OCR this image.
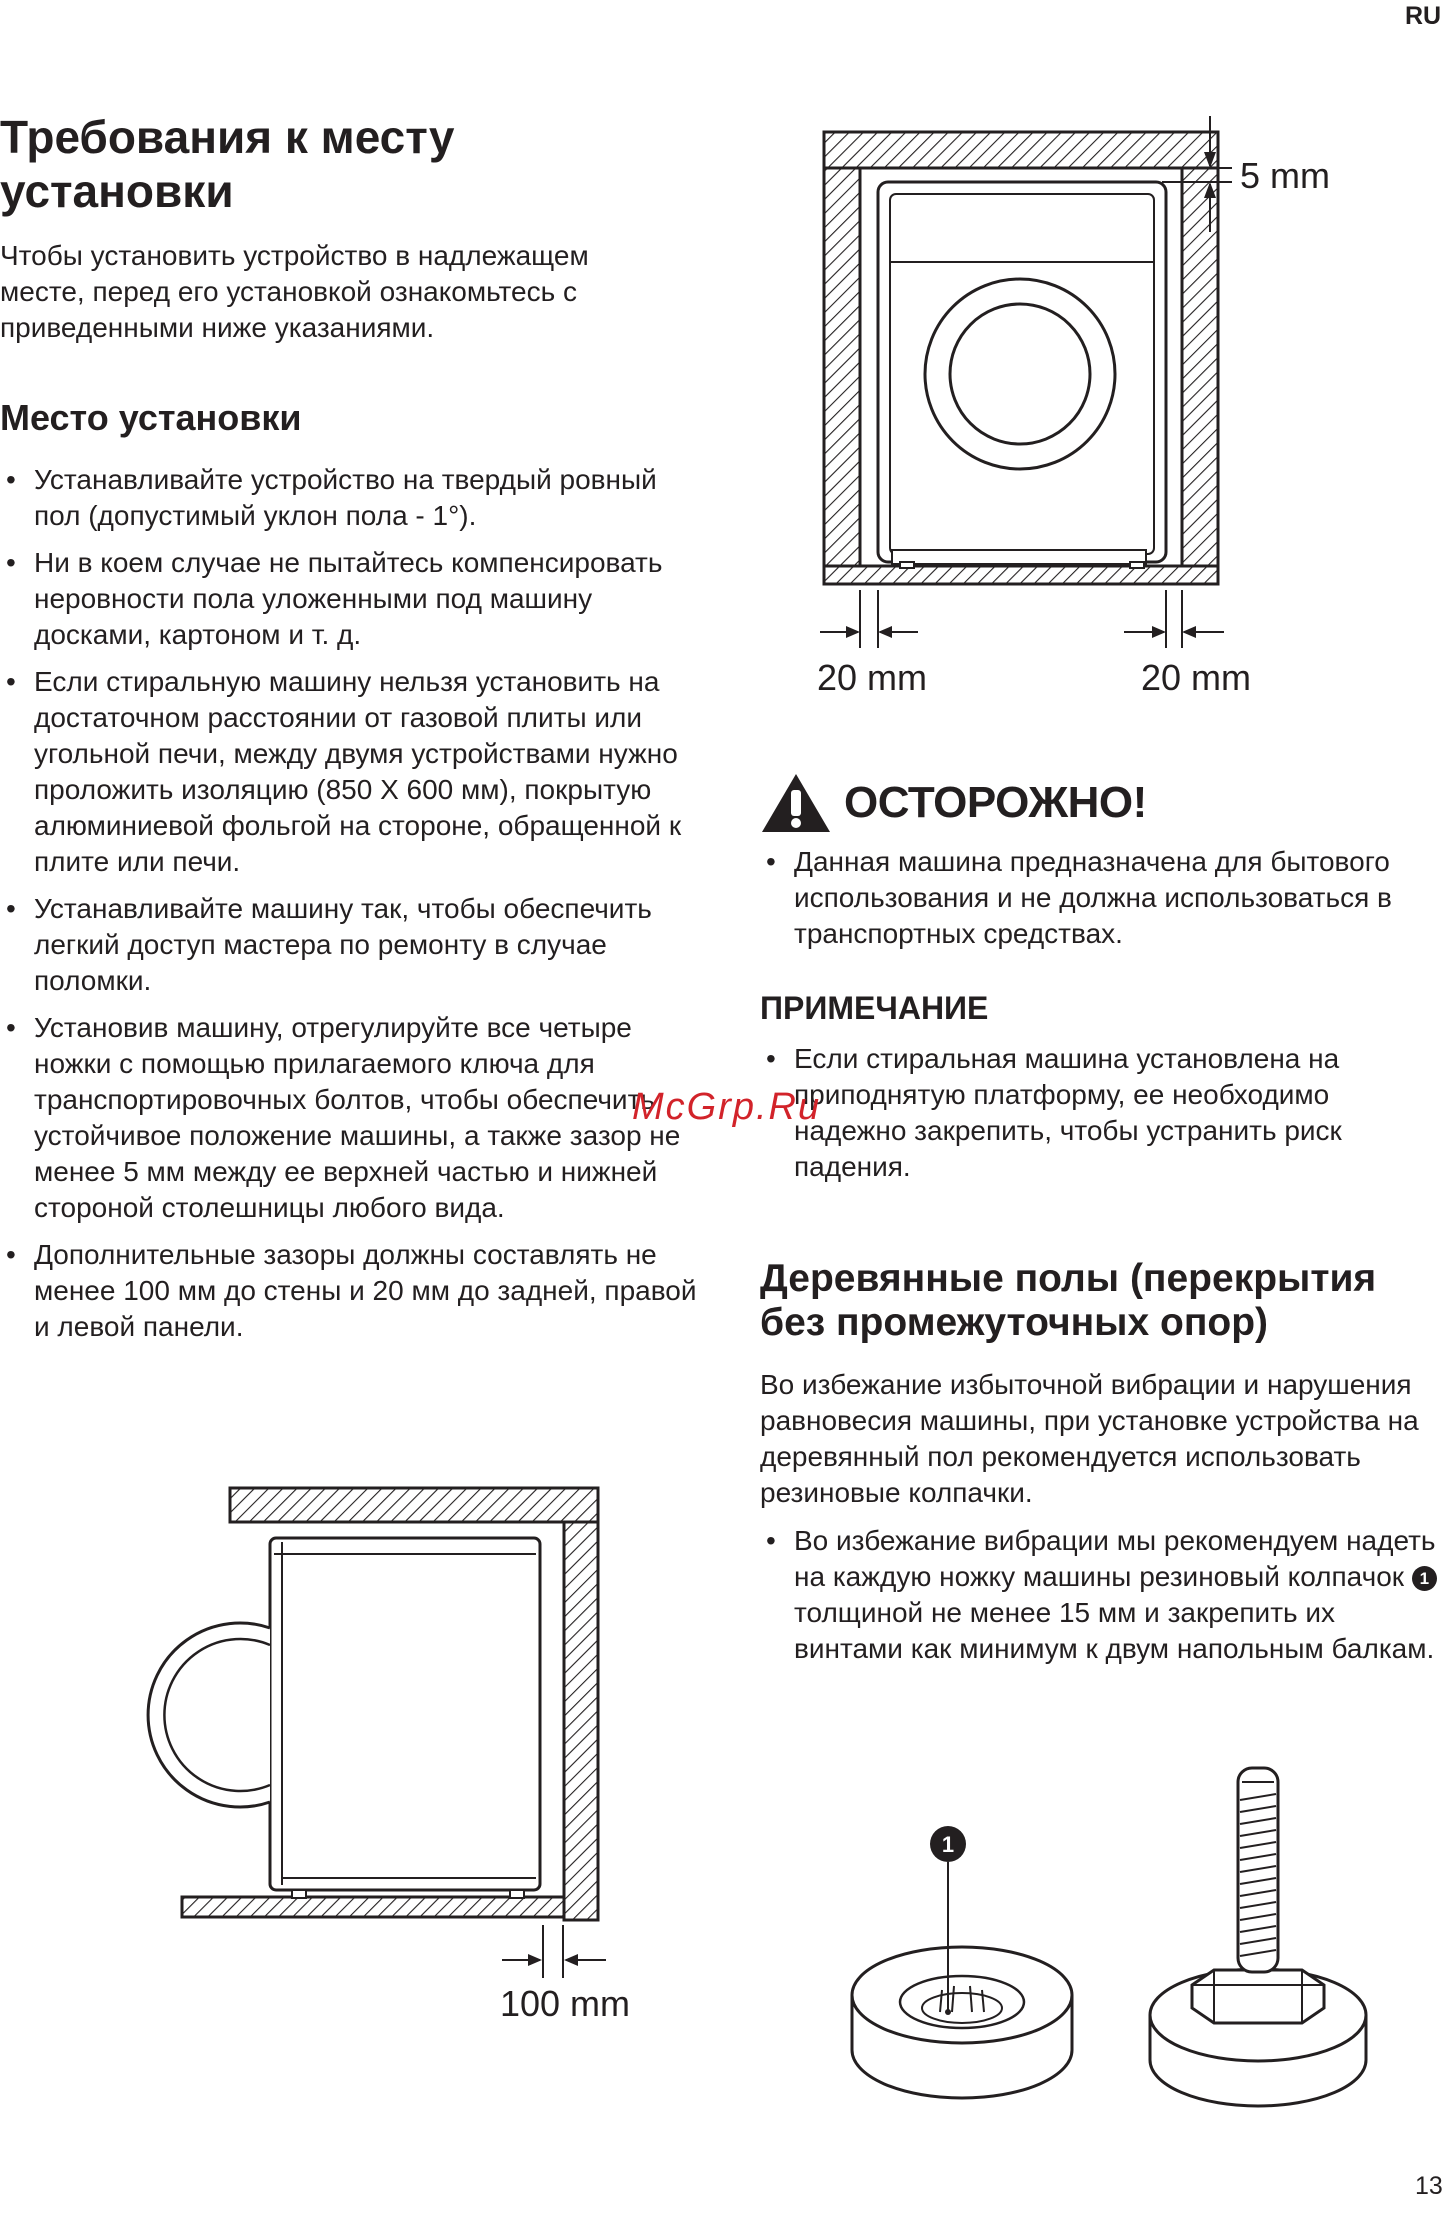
RU
13
Требования к месту
установки

Чтобы установить устройство в надлежащем месте, перед его установкой ознакомьтесь с приведенными ниже указаниями.

Место установки
• Устанавливайте устройство на твердый ровный пол (допустимый уклон пола - 1°).
• Ни в коем случае не пытайтесь компенсировать неровности пола уложенными под машину досками, картоном и т. д.
• Если стиральную машину нельзя установить на достаточном расстоянии от газовой плиты или угольной печи, между двумя устройствами нужно проложить изоляцию (850 X 600 мм), покрытую алюминиевой фольгой на стороне, обращенной к плите или печи.
• Устанавливайте машину так, чтобы обеспечить легкий доступ мастера по ремонту в случае поломки.
• Установив машину, отрегулируйте все четыре ножки с помощью прилагаемого ключа для транспортировочных болтов, чтобы обеспечить устойчивое положение машины, а также зазор не менее 5 мм между ее верхней частью и нижней стороной столешницы любого вида.
• Дополнительные зазоры должны составлять не менее 100 мм до стены и 20 мм до задней, правой и левой панели.
100 mm
5 mm
20 mm	20 mm
ОСТОРОЖНО!
• Данная машина предназначена для бытового использования и не должна использоваться в транспортных средствах.
ПРИМЕЧАНИЕ
• Если стиральная машина установлена на приподнятую платформу, ее необходимо надежно закрепить, чтобы устранить риск падения.
Деревянные полы (перекрытия
без промежуточных опор)

Во избежание избыточной вибрации и нарушения равновесия машины, при установке устройства на деревянный пол рекомендуется использовать резиновые колпачки.

• Во избежание вибрации мы рекомендуем надеть на каждую ножку машины резиновый колпачок 1 толщиной не менее 15 мм и закрепить их винтами как минимум к двум напольным балкам.
1
McGrp.Ru
